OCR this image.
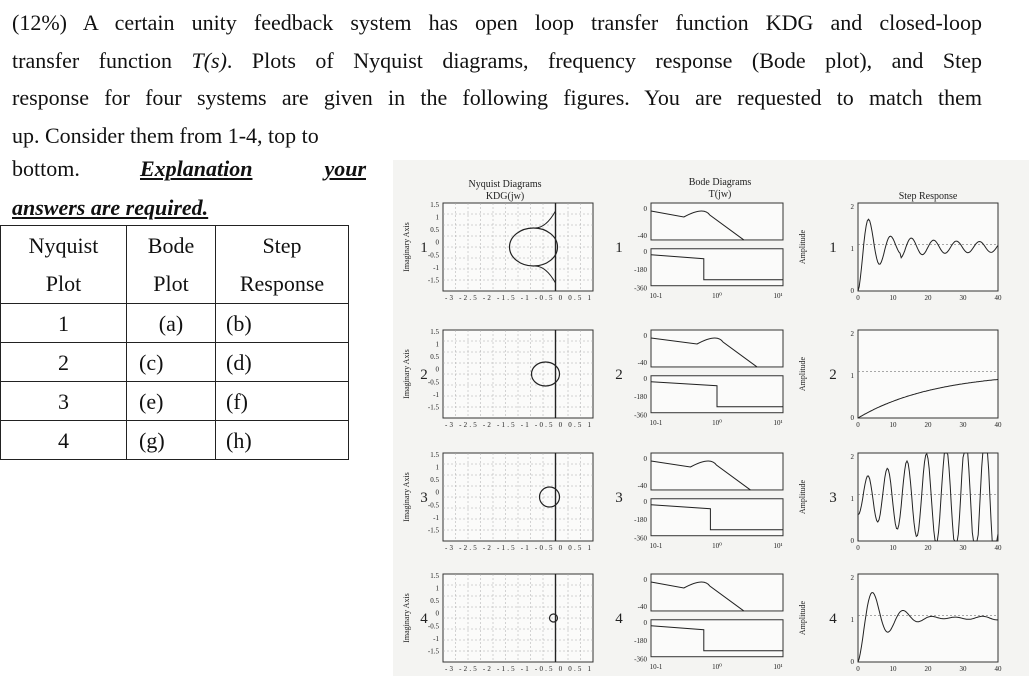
(12%) A certain unity feedback system has open loop transfer function KDG and closed-loop
transfer function T(s). Plots of Nyquist diagrams, frequency response (Bode plot), and Step
response for four systems are given in the following figures. You are requested to match them
up. Consider them from 1-4, top to
bottom.	Explanation	your
answers are required.
Nyquist	Bode	Step
Plot	Plot	Response
1	(a)	(b)
2	(c)	(d)
3	(e)	(f)
4	(g)	(h)
Nyquist Diagrams
KDG(jw)
Bode Diagrams
T(jw)	Step Response
1.5
1
0.5
0
-0.5
-1
-1.5
-3 -2.5 -2 -1.5 -1 -0.5 0 0.5 1
Imaginary Axis 1
0
-40
0
-180
-360
10-1	10⁰	10¹
1
2
1
0
0	10	20	30	40
Amplitude 1
1.5
1
0.5
0
-0.5
-1
-1.5
-3 -2.5 -2 -1.5 -1 -0.5 0 0.5 1
Imaginary Axis 2
0
-40
0
-180
-360
10-1	10⁰	10¹
2
2
1
0
0	10	20	30	40
Amplitude 2
1.5
1
0.5
0
-0.5
-1
-1.5
-3 -2.5 -2 -1.5 -1 -0.5 0 0.5 1
Imaginary Axis 3
0
-40
0
-180
-360
10-1	10⁰	10¹
3
2
1
0
0	10	20	30	40
Amplitude 3
1.5
1
0.5
0
-0.5
-1
-1.5
-3 -2.5 -2 -1.5 -1 -0.5 0 0.5 1
Imaginary Axis 4
0
-40
0
-180
-360
10-1	10⁰	10¹
4
2
1
0
0	10	20	30	40
Amplitude 4
